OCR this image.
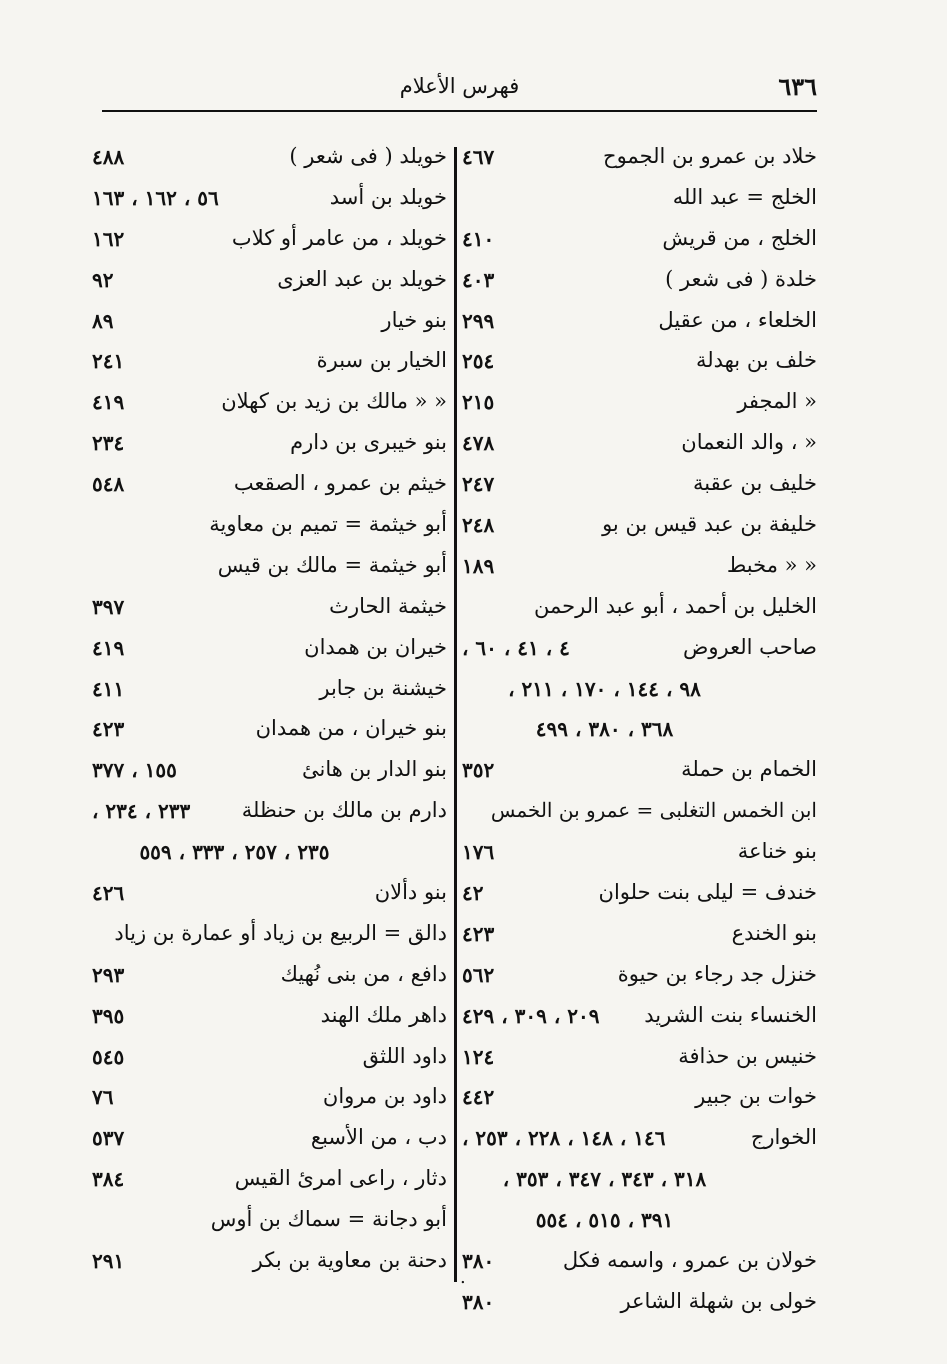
٦٣٦
فهرس الأعلام
خلاد بن عمرو بن الجموح
٤٦٧
الخلج = عبد الله
الخلج ، من قريش
٤١٠
خلدة ( فى شعر )
٤٠٣
الخلعاء ، من عقيل
٢٩٩
خلف بن بهدلة
٢٥٤
« المجفر
٢١٥
« ، والد النعمان
٤٧٨
خليف بن عقبة
٢٤٧
خليفة بن عبد قيس بن بو
٢٤٨
« « مخبط
١٨٩
الخليل بن أحمد ، أبو عبد الرحمن
صاحب العروض
٤ ، ٤١ ، ٦٠ ،
٩٨ ، ١٤٤ ، ١٧٠ ، ٢١١ ،
٣٦٨ ، ٣٨٠ ، ٤٩٩
الخمام بن حملة
٣٥٢
ابن الخمس التغلبى = عمرو بن الخمس
بنو خناعة
١٧٦
خندف = ليلى بنت حلوان
٤٢
بنو الخندع
٤٢٣
خنزل جد رجاء بن حيوة
٥٦٢
الخنساء بنت الشريد
٢٠٩ ، ٣٠٩ ، ٤٢٩
خنيس بن حذافة
١٢٤
خوات بن جبير
٤٤٢
الخوارج
١٤٦ ، ١٤٨ ، ٢٢٨ ، ٢٥٣ ،
٣١٨ ، ٣٤٣ ، ٣٤٧ ، ٣٥٣ ،
٣٩١ ، ٥١٥ ، ٥٥٤
خولان بن عمرو ، واسمه فكل
٣٨٠
خولى بن شهلة الشاعر
٣٨٠
خويلد ( فى شعر )
٤٨٨
خويلد بن أسد
٥٦ ، ١٦٢ ، ١٦٣
خويلد ، من عامر أو كلاب
١٦٢
خويلد بن عبد العزى
٩٢
بنو خيار
٨٩
الخيار بن سبرة
٢٤١
« « مالك بن زيد بن كهلان
٤١٩
بنو خيبرى بن دارم
٢٣٤
خيثم بن عمرو ، الصقعب
٥٤٨
أبو خيثمة = تميم بن معاوية
أبو خيثمة = مالك بن قيس
خيثمة الحارث
٣٩٧
خيران بن همدان
٤١٩
خيشنة بن جابر
٤١١
بنو خيران ، من همدان
٤٢٣
بنو الدار بن هانئ
١٥٥ ، ٣٧٧
دارم بن مالك بن حنظلة
٢٣٣ ، ٢٣٤ ،
٢٣٥ ، ٢٥٧ ، ٣٣٣ ، ٥٥٩
بنو دألان
٤٢٦
دالق = الربيع بن زياد أو عمارة بن زياد
دافع ، من بنى نُهيك
٢٩٣
داهر ملك الهند
٣٩٥
داود اللثق
٥٤٥
داود بن مروان
٧٦
دب ، من الأسبع
٥٣٧
دثار ، راعى امرئ القيس
٣٨٤
أبو دجانة = سماك بن أوس
دحنة بن معاوية بن بكر
٢٩١
.
